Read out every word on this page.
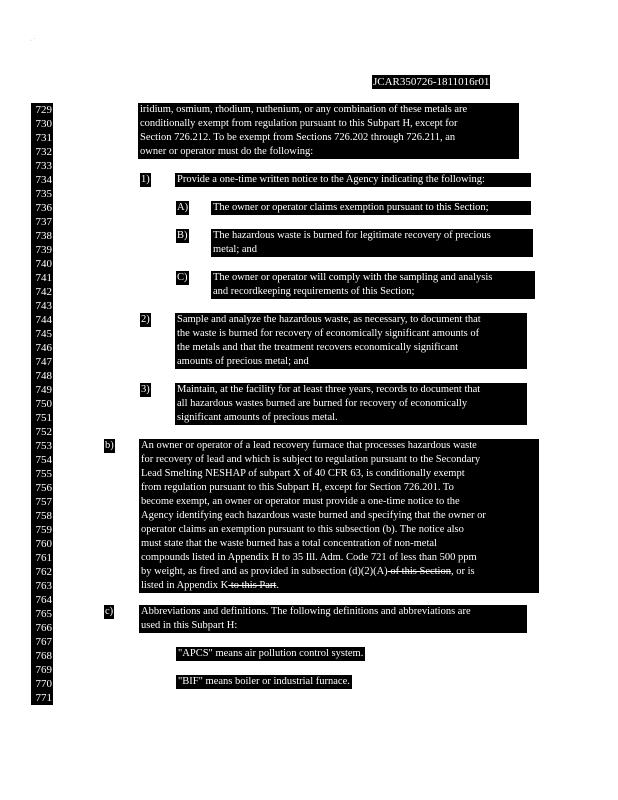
· ˙
JCAR350726-1811016r01
729
730
731
732
733
734
735
736
737
738
739
740
741
742
743
744
745
746
747
748
749
750
751
752
753
754
755
756
757
758
759
760
761
762
763
764
765
766
767
768
769
770
771
iridium, osmium, rhodium, ruthenium, or any combination of these metals are
conditionally exempt from regulation pursuant to this Subpart H, except for
Section 726.212. To be exempt from Sections 726.202 through 726.211, an
owner or operator must do the following:
1)	Provide a one-time written notice to the Agency indicating the following:
A) The owner or operator claims exemption pursuant to this Section;
B) The hazardous waste is burned for legitimate recovery of precious
metal; and
C) The owner or operator will comply with the sampling and analysis
and recordkeeping requirements of this Section;
2)	Sample and analyze the hazardous waste, as necessary, to document that
the waste is burned for recovery of economically significant amounts of
the metals and that the treatment recovers economically significant
amounts of precious metal; and
3)	Maintain, at the facility for at least three years, records to document that
all hazardous wastes burned are burned for recovery of economically
significant amounts of precious metal.
b)	An owner or operator of a lead recovery furnace that processes hazardous waste
for recovery of lead and which is subject to regulation pursuant to the Secondary
Lead Smelting NESHAP of subpart X of 40 CFR 63, is conditionally exempt
from regulation pursuant to this Subpart H, except for Section 726.201. To
become exempt, an owner or operator must provide a one-time notice to the
Agency identifying each hazardous waste burned and specifying that the owner or
operator claims an exemption pursuant to this subsection (b). The notice also
must state that the waste burned has a total concentration of non-metal
compounds listed in Appendix H to 35 Ill. Adm. Code 721 of less than 500 ppm
by weight, as fired and as provided in subsection (d)(2)(A) of this Section, or is
listed in Appendix K to this Part.
c)	Abbreviations and definitions. The following definitions and abbreviations are
used in this Subpart H:
"APCS" means air pollution control system.
"BIF" means boiler or industrial furnace.
